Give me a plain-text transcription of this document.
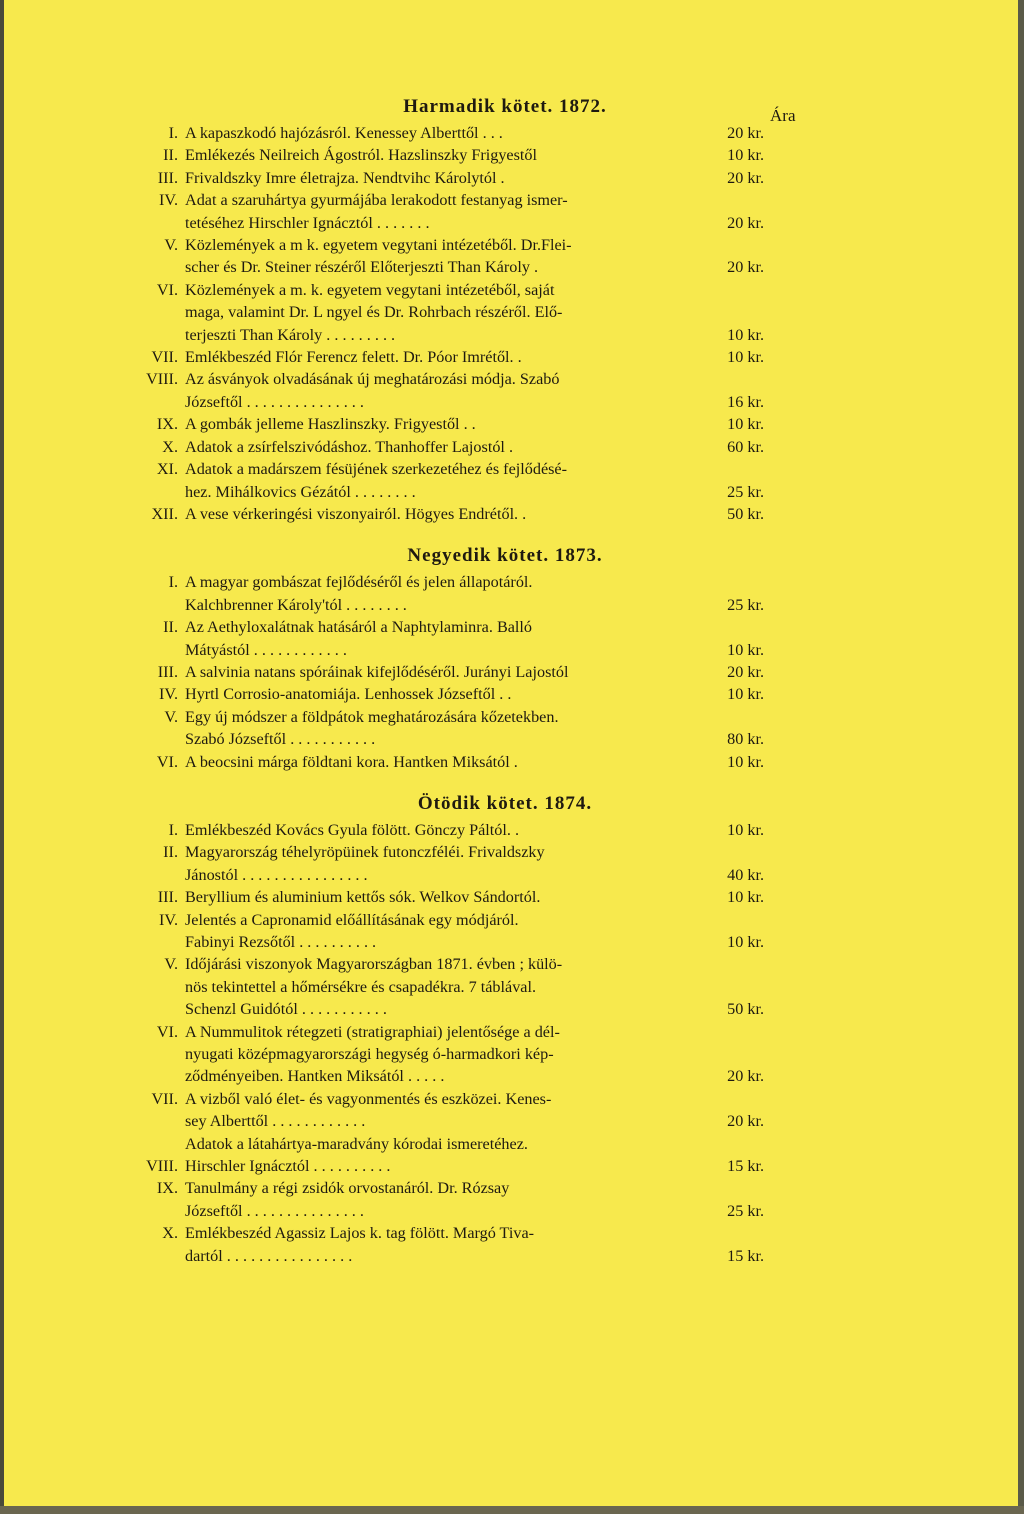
Harmadik kötet. 1872.	Ára
I. A kapaszkodó hajózásról. Kenessey Alberttől . . .	20 kr.
II. Emlékezés Neilreich Ágostról. Hazslinszky Frigyestől	10 kr.
III. Frivaldszky Imre életrajza. Nendtvihc Károlytól .	20 kr.
IV. Adat a szaruhártya gyurmájába lerakodott festanyag ismer-
tetéséhez Hirschler Ignácztól . . . . . . .	20 kr.
V. Közlemények a m k. egyetem vegytani intézetéből. Dr.Flei-
scher és Dr. Steiner részéről Előterjeszti Than Károly .	20 kr.
VI. Közlemények a m. k. egyetem vegytani intézetéből, saját
maga, valamint Dr. L ngyel és Dr. Rohrbach részéről. Elő-
terjeszti Than Károly . . . . . . . . .	10 kr.
VII. Emlékbeszéd Flór Ferencz felett. Dr. Póor Imrétől. .	10 kr.
VIII. Az ásványok olvadásának új meghatározási módja. Szabó
Józseftől . . . . . . . . . . . . . . .	16 kr.
IX. A gombák jelleme Haszlinszky. Frigyestől . .	10 kr.
X. Adatok a zsírfelszivódáshoz. Thanhoffer Lajostól .	60 kr.
XI. Adatok a madárszem fésüjének szerkezetéhez és fejlődésé-
hez. Mihálkovics Gézától . . . . . . . .	25 kr.
XII. A vese vérkeringési viszonyairól. Högyes Endrétől. .	50 kr.
Negyedik kötet. 1873.
I. A magyar gombászat fejlődéséről és jelen állapotáról.
Kalchbrenner Károly'tól . . . . . . . .	25 kr.
II. Az Aethyloxalátnak hatásáról a Naphtylaminra. Balló
Mátyástól . . . . . . . . . . . .	10 kr.
III. A salvinia natans spóráinak kifejlődéséről. Jurányi Lajostól	20 kr.
IV. Hyrtl Corrosio-anatomiája. Lenhossek Józseftől . .	10 kr.
V. Egy új módszer a földpátok meghatározására kőzetekben.
Szabó Józseftől . . . . . . . . . . .	80 kr.
VI. A beocsini márga földtani kora. Hantken Miksától .	10 kr.
Ötödik kötet. 1874.
I. Emlékbeszéd Kovács Gyula fölött. Gönczy Páltól. .	10 kr.
II. Magyarország téhelyröpüinek futonczféléi. Frivaldszky
Jánostól . . . . . . . . . . . . . . . .	40 kr.
III. Beryllium és aluminium kettős sók. Welkov Sándortól.	10 kr.
IV. Jelentés a Capronamid előállításának egy módjáról.
Fabinyi Rezsőtől . . . . . . . . . .	10 kr.
V. Időjárási viszonyok Magyarországban 1871. évben ; külö-
nös tekintettel a hőmérsékre és csapadékra. 7 táblával.
Schenzl Guidótól . . . . . . . . . . .	50 kr.
VI. A Nummulitok rétegzeti (stratigraphiai) jelentősége a dél-
nyugati középmagyarországi hegység ó-harmadkori kép-
ződményeiben. Hantken Miksától . . . . .	20 kr.
VII. A vizből való élet- és vagyonmentés és eszközei. Kenes-
sey Alberttől . . . . . . . . . . . .	20 kr.
Adatok a látahártya-maradvány kórodai ismeretéhez.
VIII. Hirschler Ignácztól . . . . . . . . . .	15 kr.
IX. Tanulmány a régi zsidók orvostanáról. Dr. Rózsay
Józseftől . . . . . . . . . . . . . . .	25 kr.
X. Emlékbeszéd Agassiz Lajos k. tag fölött. Margó Tiva-
dartól . . . . . . . . . . . . . . . .	15 kr.
